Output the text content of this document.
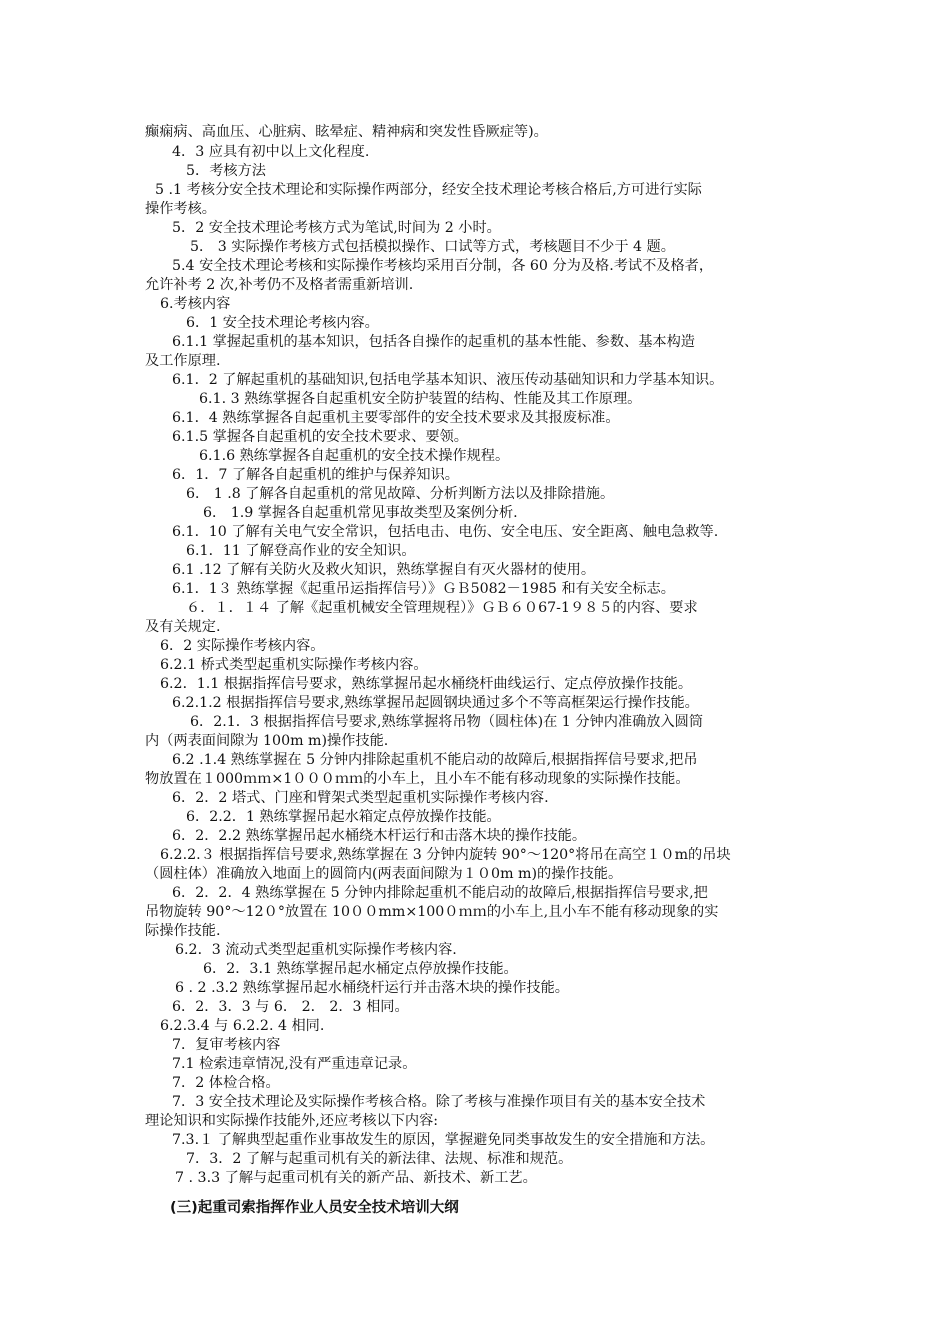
癫痫病、高血压、心脏病、眩晕症、精神病和突发性昏厥症等)。
4．3 应具有初中以上文化程度.
5．考核方法
5 .1 考核分安全技术理论和实际操作两部分，经安全技术理论考核合格后,方可进行实际
操作考核。
5．2 安全技术理论考核方式为笔试,时间为 2 小时。
5． 3 实际操作考核方式包括模拟操作、口试等方式，考核题目不少于 4 题。
5.4 安全技术理论考核和实际操作考核均采用百分制，各 60 分为及格.考试不及格者，
允许补考 2 次,补考仍不及格者需重新培训.
6.考核内容
6．1 安全技术理论考核内容。
6.1.1 掌握起重机的基本知识，包括各自操作的起重机的基本性能、参数、基本构造
及工作原理.
6.1．2 了解起重机的基础知识,包括电学基本知识、液压传动基础知识和力学基本知识。
6.1. 3 熟练掌握各自起重机安全防护装置的结构、性能及其工作原理。
6.1．4 熟练掌握各自起重机主要零部件的安全技术要求及其报废标准。
6.1.5 掌握各自起重机的安全技术要求、要领。
6.1.6 熟练掌握各自起重机的安全技术操作规程。
6．1．7 了解各自起重机的维护与保养知识。
6． 1 .8 了解各自起重机的常见故障、分析判断方法以及排除措施。
6． 1.9 掌握各自起重机常见事故类型及案例分析.
6.1．10 了解有关电气安全常识，包括电击、电伤、安全电压、安全距离、触电急救等.
6.1．11 了解登高作业的安全知识。
6.1 .12 了解有关防火及救火知识，熟练掌握自有灭火器材的使用。
6.1．1３ 熟练掌握《起重吊运指挥信号）》ＧＢ5082－1985 和有关安全标志。
６．１．１４ 了解《起重机械安全管理规程）》ＧＢ６０67-1９８５的内容、要求
及有关规定.
6．2 实际操作考核内容。
6.2.1 桥式类型起重机实际操作考核内容。
6.2．1.1 根据指挥信号要求，熟练掌握吊起水桶绕杆曲线运行、定点停放操作技能。
6.2.1.2 根据指挥信号要求,熟练掌握吊起圆钢块通过多个不等高框架运行操作技能。
6．2.1．3 根据指挥信号要求,熟练掌握将吊物（圆柱体)在 1 分钟内准确放入圆筒
内（两表面间隙为 100m m)操作技能.
6.2 .1.4 熟练掌握在 5 分钟内排除起重机不能启动的故障后,根据指挥信号要求,把吊
物放置在１000ｍｍ×1０００ｍｍ的小车上，且小车不能有移动现象的实际操作技能。
6．2．2 塔式、门座和臂架式类型起重机实际操作考核内容.
6．2.2．1 熟练掌握吊起水箱定点停放操作技能。
6．2．2.2 熟练掌握吊起水桶绕木杆运行和击落木块的操作技能。
6.2.2.３ 根据指挥信号要求,熟练掌握在 3 分钟内旋转 90°～120°将吊在高空１０m的吊块
（圆柱体）准确放入地面上的圆筒内(两表面间隙为１０0m m)的操作技能。
6．2．2．4 熟练掌握在 5 分钟内排除起重机不能启动的故障后,根据指挥信号要求,把
吊物旋转 90°～12０°放置在 10００mm×100０ｍｍ的小车上,且小车不能有移动现象的实
际操作技能.
6.2．3 流动式类型起重机实际操作考核内容.
6．2．3.1 熟练掌握吊起水桶定点停放操作技能。
6 . 2 .3.2 熟练掌握吊起水桶绕杆运行并击落木块的操作技能。
6．2．3．3 与 6． 2． 2．3 相同。
6.2.3.4 与 6.2.2. 4 相同.
7．复审考核内容
7.1 检索违章情况,没有严重违章记录。
7．2 体检合格。
7．3 安全技术理论及实际操作考核合格。除了考核与准操作项目有关的基本安全技术
理论知识和实际操作技能外,还应考核以下内容:
7.3.１ 了解典型起重作业事故发生的原因，掌握避免同类事故发生的安全措施和方法。
7．3．2 了解与起重司机有关的新法律、法规、标准和规范。
7 . 3.3 了解与起重司机有关的新产品、新技术、新工艺。
(三)起重司索指挥作业人员安全技术培训大纲
